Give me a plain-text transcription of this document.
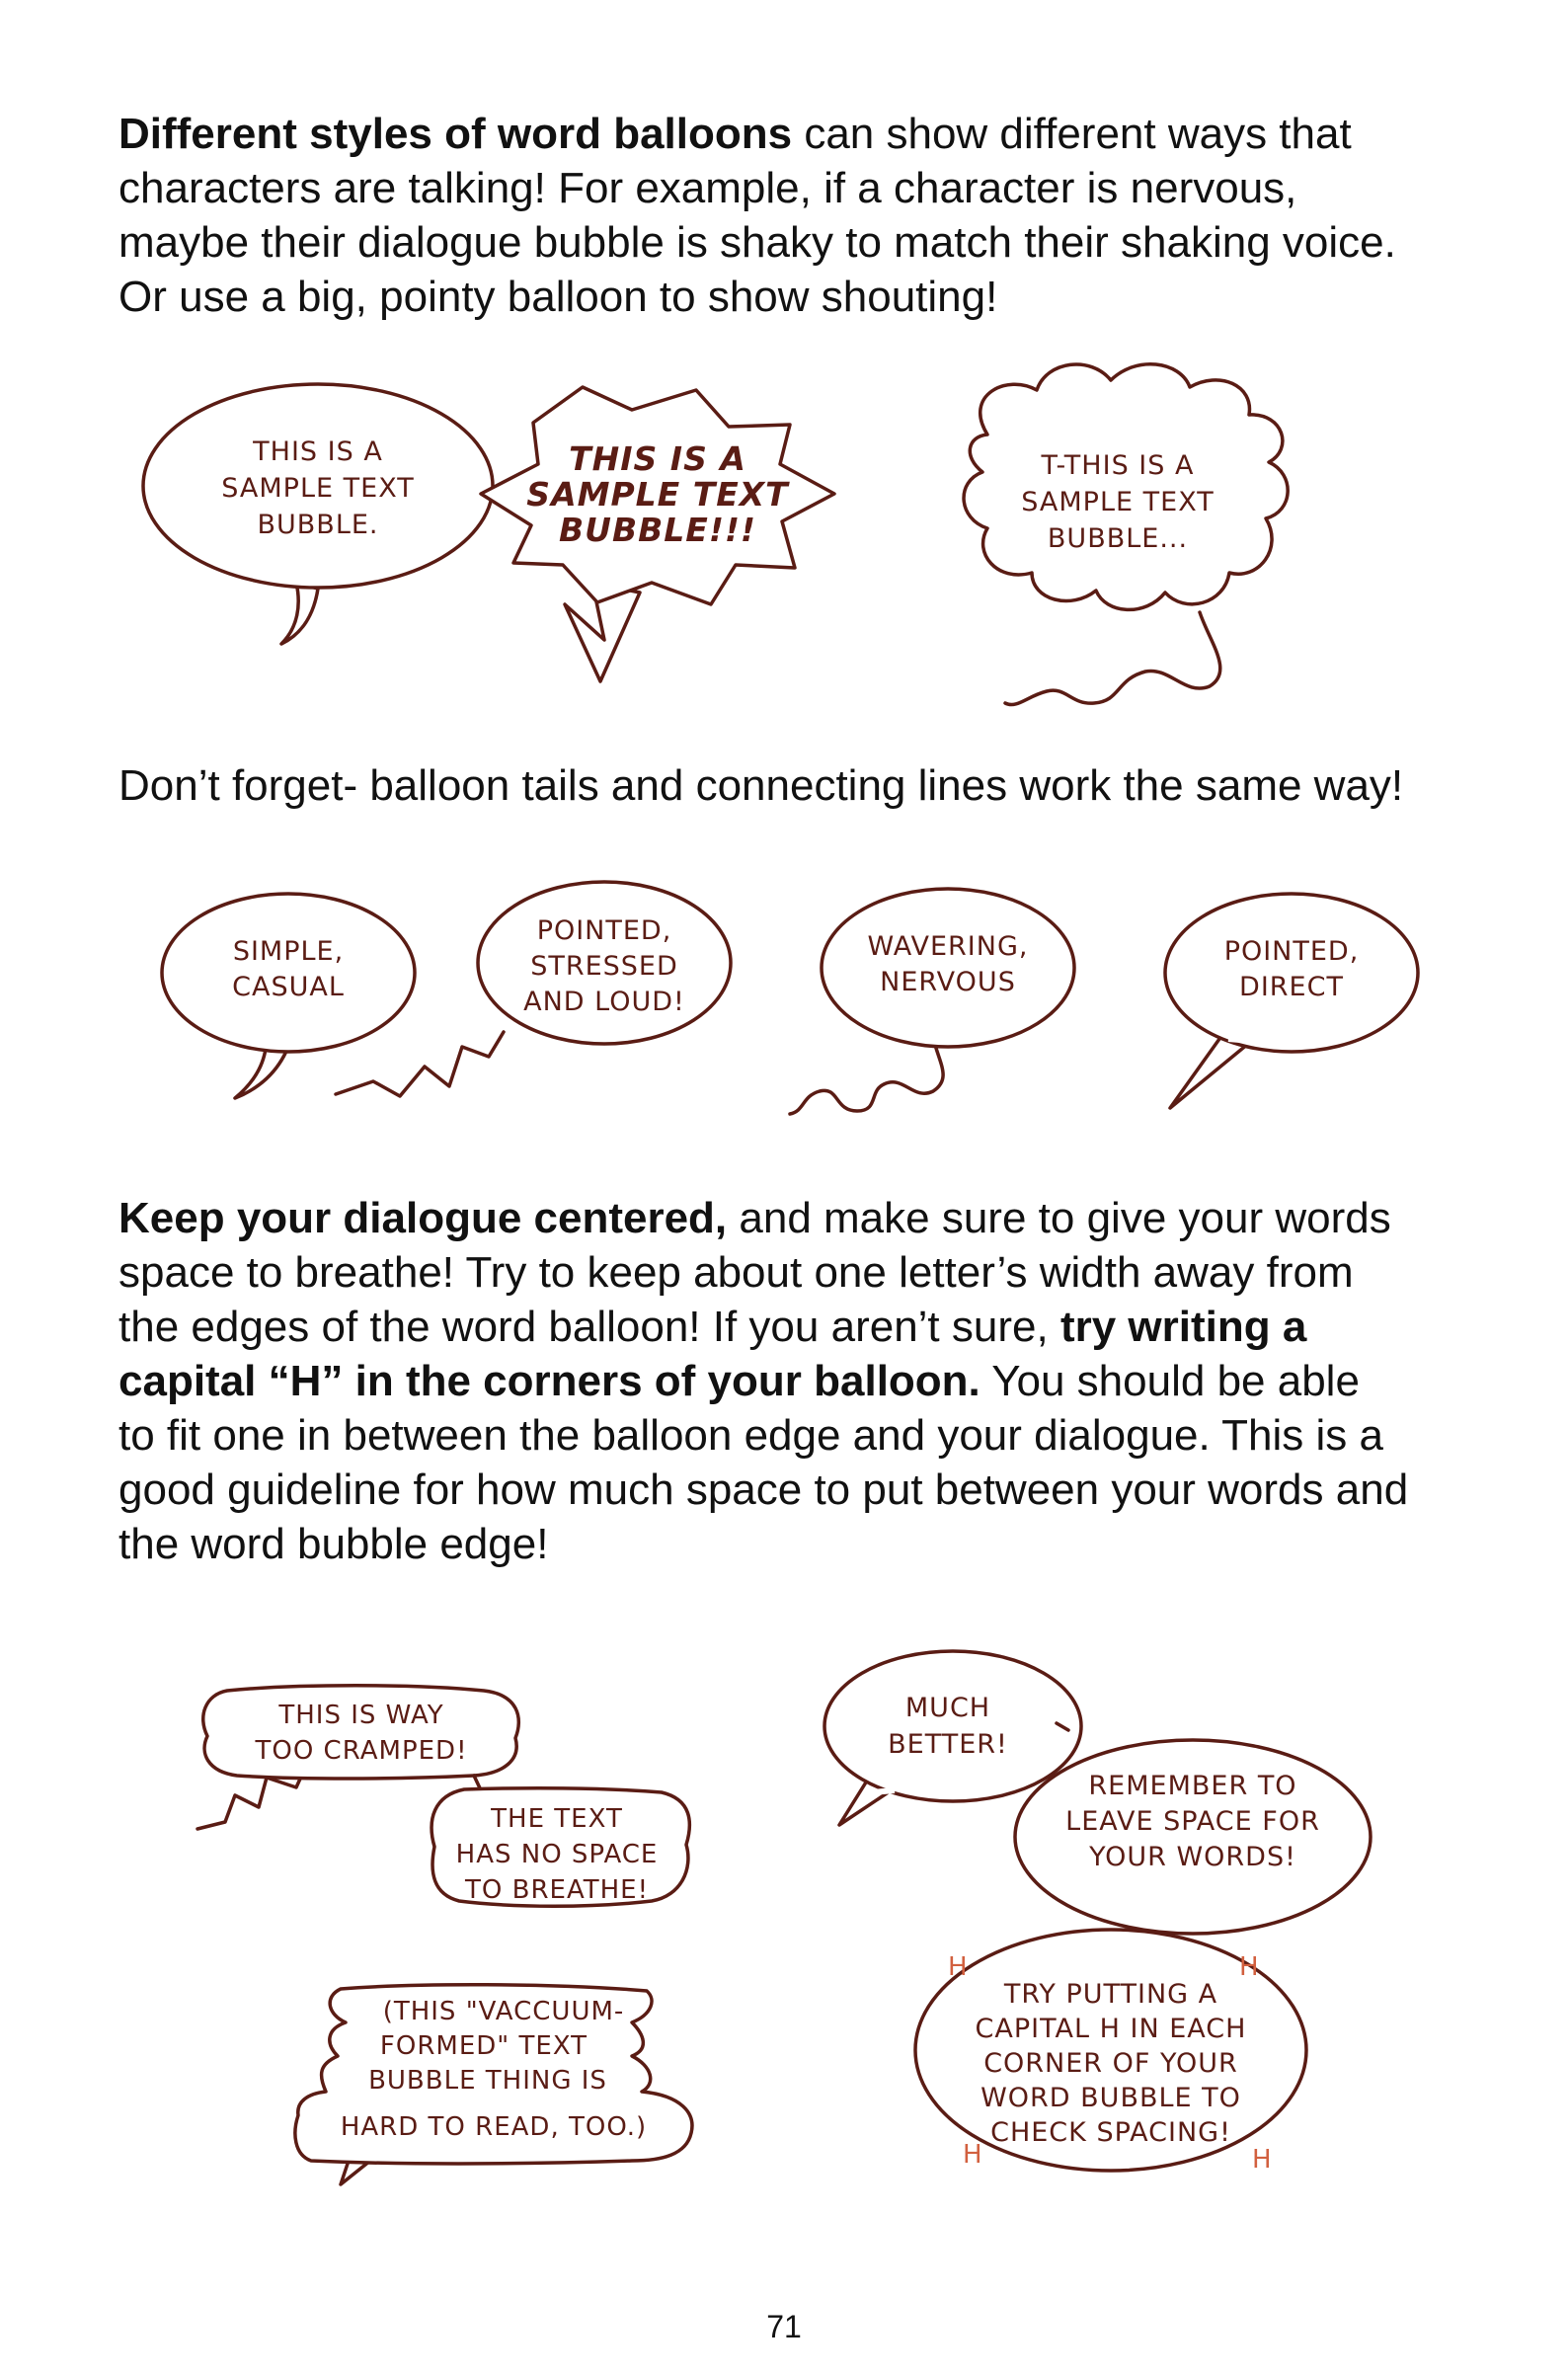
Different styles of word balloons can show different ways that
characters are talking! For example, if a character is nervous,
maybe their dialogue bubble is shaky to match their shaking voice.
Or use a big, pointy balloon to show shouting!
THIS IS A
SAMPLE TEXT
BUBBLE.
THIS IS A
SAMPLE TEXT
BUBBLE!!!
T-THIS IS A
SAMPLE TEXT
BUBBLE...
Don’t forget- balloon tails and connecting lines work the same way!
SIMPLE,
CASUAL
POINTED,
STRESSED
AND LOUD!
WAVERING,
NERVOUS
POINTED,
DIRECT
Keep your dialogue centered, and make sure to give your words
space to breathe! Try to keep about one letter’s width away from
the edges of the word balloon! If you aren’t sure, try writing a
capital “H” in the corners of your balloon. You should be able
to fit one in between the balloon edge and your dialogue. This is a
good guideline for how much space to put between your words and
the word bubble edge!
THIS IS WAY
TOO CRAMPED!
THE TEXT
HAS NO SPACE
TO BREATHE!
(THIS "VACCUUM-
FORMED" TEXT
BUBBLE THING IS
HARD TO READ, TOO.)
MUCH
BETTER!
REMEMBER TO
LEAVE SPACE FOR
YOUR WORDS!
TRY PUTTING A
CAPITAL H IN EACH
CORNER OF YOUR
WORD BUBBLE TO
CHECK SPACING!
H	H
H	H
71
